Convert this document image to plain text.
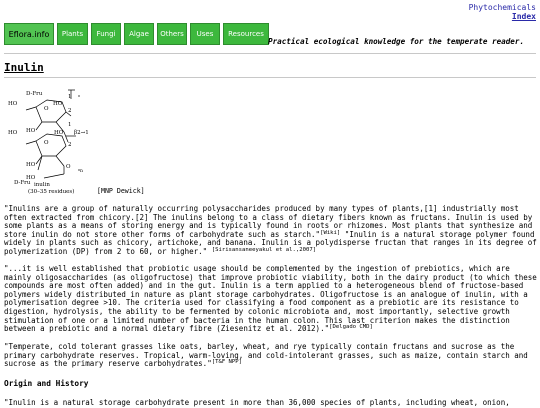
Phytochemicals
Index
Eflora.info	Plants	Fungi	Algae	Others	Uses	Resources
Practical ecological knowledge for the temperate reader.
Inulin
D-Fru
HO	HO
HO
HO	HO
HO
HO
1
2
1
2
β2→1
O
O
O
n
D-Fru inulin
(30–35 residues)	[MNP Dewick]

"Inulins are a group of naturally occurring polysaccharides produced by many types of plants,[1] industrially most often extracted from chicory.[2] The inulins belong to a class of dietary fibers known as fructans. Inulin is used by some plants as a means of storing energy and is typically found in roots or rhizomes. Most plants that synthesize and store inulin do not store other forms of carbohydrate such as starch."[Wiki] "Inulin is a natural storage polymer found widely in plants such as chicory, artichoke, and banana. Inulin is a polydisperse fructan that ranges in its degree of polymerization (DP) from 2 to 60, or higher." [Sirisansaneeyakul et al.,2007]

"...it is well established that probiotic usage should be complemented by the ingestion of prebiotics, which are mainly oligosaccharides (as oligofructose) that improve probiotic viability, both in the dairy product (to which these compounds are most often added) and in the gut. Inulin is a term applied to a heterogeneous blend of fructose-based polymers widely distributed in nature as plant storage carbohydrates. Oligofructose is an analogue of inulin, with a polymerisation degree >10. The criteria used for classifying a food component as a prebiotic are its resistance to digestion, hydrolysis, the ability to be fermented by colonic microbiota and, most importantly, selective growth stimulation of one or a limited number of bacteria in the human colon. This last criterion makes the distinction between a prebiotic and a normal dietary fibre (Ziesenitz et al. 2012)."[Delgado CMD]

"Temperate, cold tolerant grasses like oats, barley, wheat, and rye typically contain fructans and sucrose as the primary carbohydrate reserves. Tropical, warm-loving, and cold-intolerant grasses, such as maize, contain starch and sucrose as the primary reserve carbohydrates."[T&F NPP]

Origin and History

"Inulin is a natural storage carbohydrate present in more than 36,000 species of plants, including wheat, onion,
